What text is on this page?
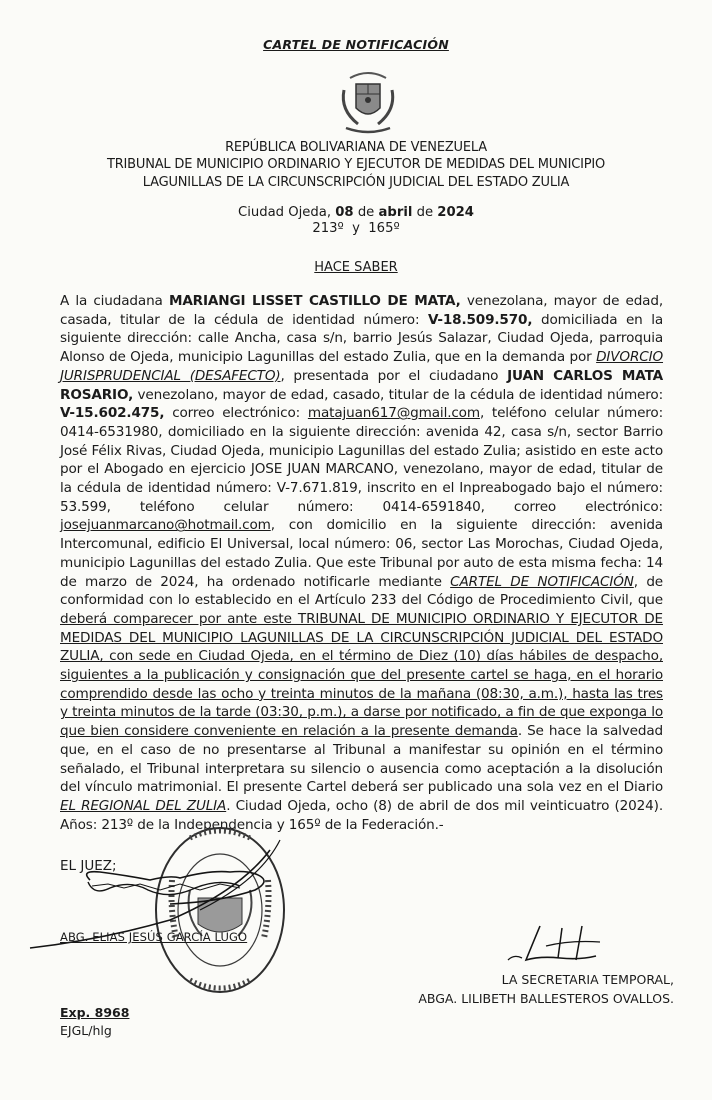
CARTEL DE NOTIFICACIÓN
REPÚBLICA BOLIVARIANA DE VENEZUELA
TRIBUNAL DE MUNICIPIO ORDINARIO Y EJECUTOR DE MEDIDAS DEL MUNICIPIO
LAGUNILLAS DE LA CIRCUNSCRIPCIÓN JUDICIAL DEL ESTADO ZULIA
Ciudad Ojeda, 08 de abril de 2024
213º  y  165º
HACE SABER
A la ciudadana MARIANGI LISSET CASTILLO DE MATA, venezolana, mayor de edad, casada, titular de la cédula de identidad número: V-18.509.570, domiciliada en la siguiente dirección: calle Ancha, casa s/n, barrio Jesús Salazar, Ciudad Ojeda, parroquia Alonso de Ojeda, municipio Lagunillas del estado Zulia, que en la demanda por DIVORCIO JURISPRUDENCIAL (DESAFECTO), presentada por el ciudadano JUAN CARLOS MATA ROSARIO, venezolano, mayor de edad, casado, titular de la cédula de identidad número: V-15.602.475, correo electrónico: matajuan617@gmail.com, teléfono celular número: 0414-6531980, domiciliado en la siguiente dirección: avenida 42, casa s/n, sector Barrio José Félix Rivas, Ciudad Ojeda, municipio Lagunillas del estado Zulia; asistido en este acto por el Abogado en ejercicio JOSE JUAN MARCANO, venezolano, mayor de edad, titular de la cédula de identidad número: V-7.671.819, inscrito en el Inpreabogado bajo el número: 53.599, teléfono celular número: 0414-6591840, correo electrónico: josejuanmarcano@hotmail.com, con domicilio en la siguiente dirección: avenida Intercomunal, edificio El Universal, local número: 06, sector Las Morochas, Ciudad Ojeda, municipio Lagunillas del estado Zulia. Que este Tribunal por auto de esta misma fecha: 14 de marzo de 2024, ha ordenado notificarle mediante CARTEL DE NOTIFICACIÓN, de conformidad con lo establecido en el Artículo 233 del Código de Procedimiento Civil, que deberá comparecer por ante este TRIBUNAL DE MUNICIPIO ORDINARIO Y EJECUTOR DE MEDIDAS DEL MUNICIPIO LAGUNILLAS DE LA CIRCUNSCRIPCIÓN JUDICIAL DEL ESTADO ZULIA, con sede en Ciudad Ojeda, en el término de Diez (10) días hábiles de despacho, siguientes a la publicación y consignación que del presente cartel se haga, en el horario comprendido desde las ocho y treinta minutos de la mañana (08:30, a.m.), hasta las tres y treinta minutos de la tarde (03:30, p.m.), a darse por notificado, a fin de que exponga lo que bien considere conveniente en relación a la presente demanda. Se hace la salvedad que, en el caso de no presentarse al Tribunal a manifestar su opinión en el término señalado, el Tribunal interpretara su silencio o ausencia como aceptación a la disolución del vínculo matrimonial. El presente Cartel deberá ser publicado una sola vez en el Diario EL REGIONAL DEL ZULIA. Ciudad Ojeda, ocho (8) de abril de dos mil veinticuatro (2024). Años: 213º de la Independencia y 165º de la Federación.-
EL JUEZ;
ABG. ELIAS JESÚS GARCÍA LUGO
LA SECRETARIA TEMPORAL,
ABGA. LILIBETH BALLESTEROS OVALLOS.
Exp. 8968
EJGL/hlg
